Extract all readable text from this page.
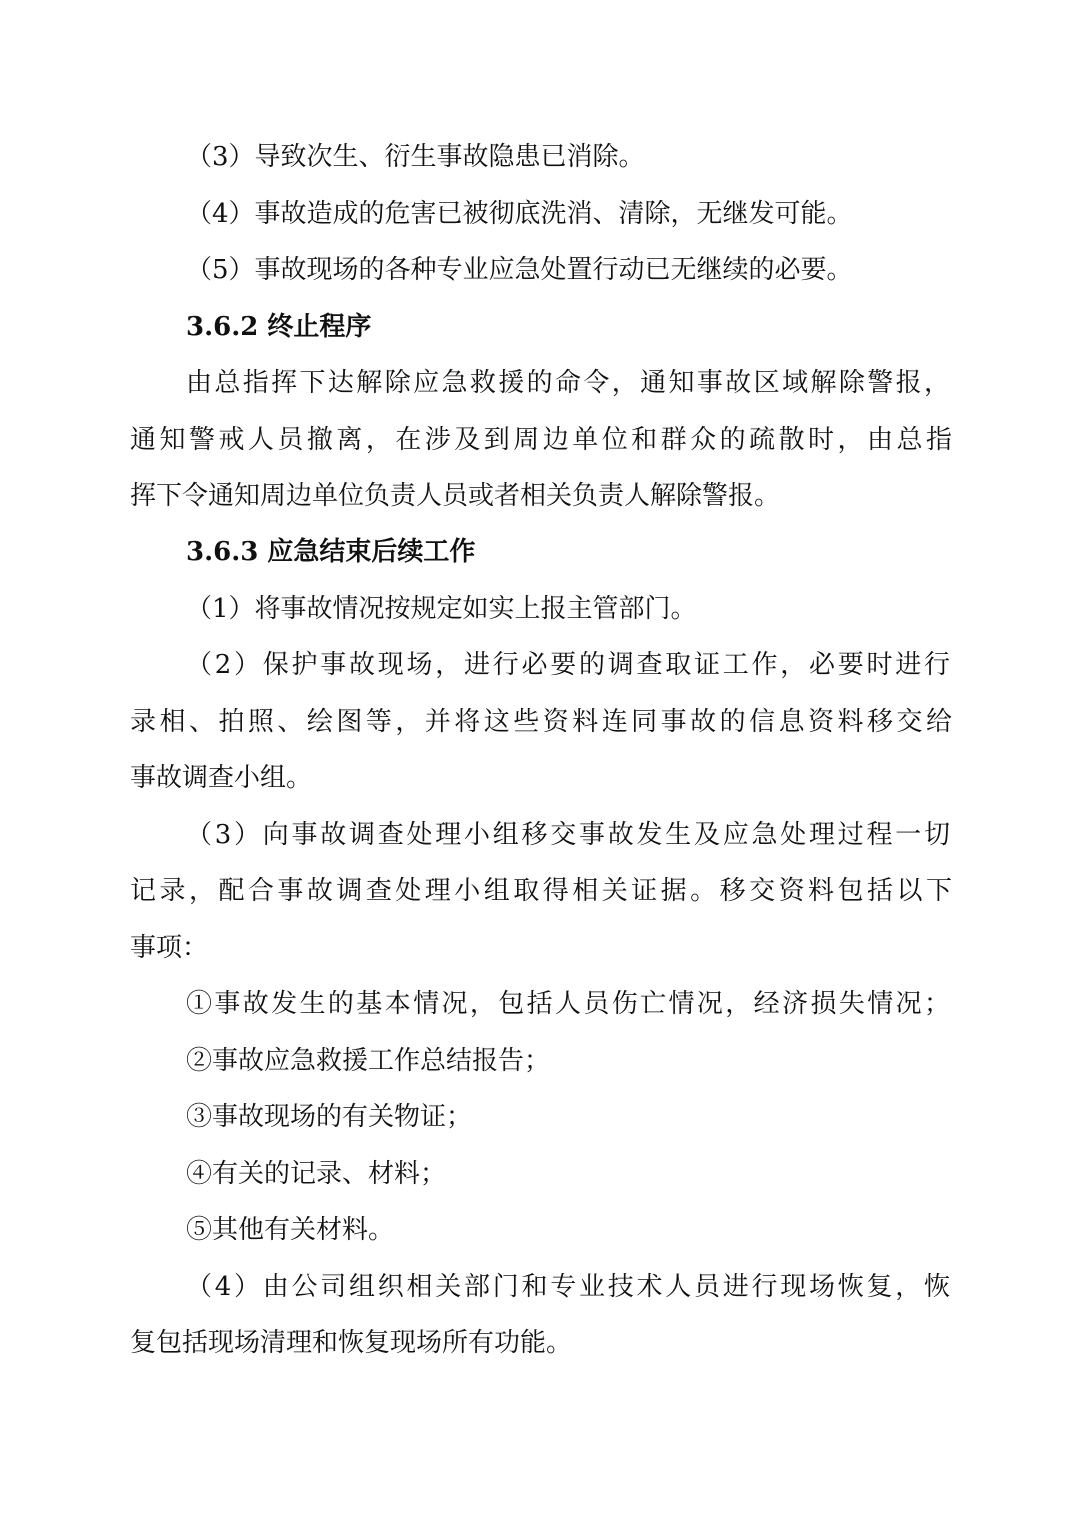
（3）导致次生、衍生事故隐患已消除。
（4）事故造成的危害已被彻底洗消、清除，无继发可能。
（5）事故现场的各种专业应急处置行动已无继续的必要。
3.6.2 终止程序
由总指挥下达解除应急救援的命令，通知事故区域解除警报，
通知警戒人员撤离，在涉及到周边单位和群众的疏散时，由总指
挥下令通知周边单位负责人员或者相关负责人解除警报。
3.6.3 应急结束后续工作
（1）将事故情况按规定如实上报主管部门。
（2）保护事故现场，进行必要的调查取证工作，必要时进行
录相、拍照、绘图等，并将这些资料连同事故的信息资料移交给
事故调查小组。
（3）向事故调查处理小组移交事故发生及应急处理过程一切
记录，配合事故调查处理小组取得相关证据。移交资料包括以下
事项：
①事故发生的基本情况，包括人员伤亡情况，经济损失情况；
②事故应急救援工作总结报告；
③事故现场的有关物证；
④有关的记录、材料；
⑤其他有关材料。
（4）由公司组织相关部门和专业技术人员进行现场恢复，恢
复包括现场清理和恢复现场所有功能。
